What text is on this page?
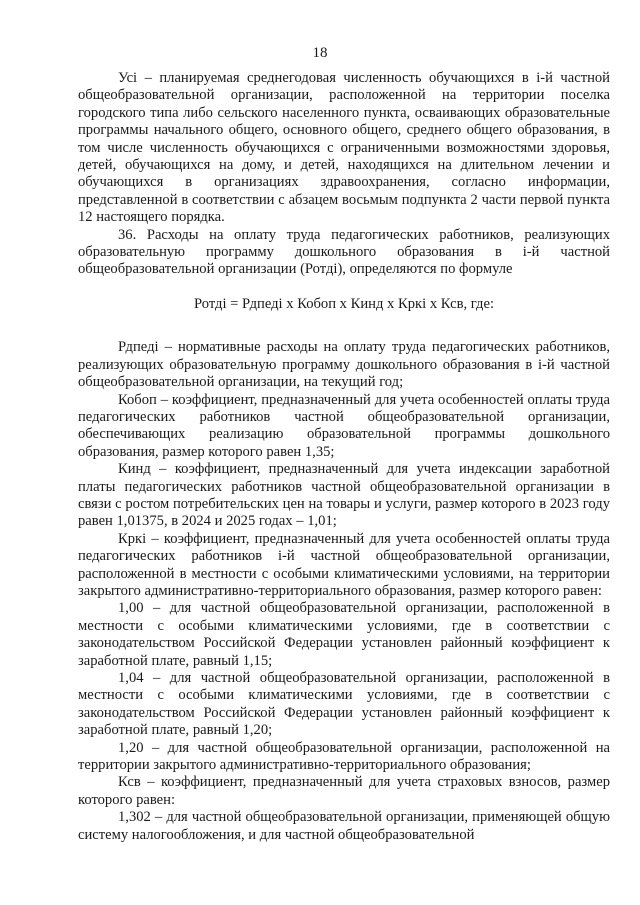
18

Усі – планируемая среднегодовая численность обучающихся в і-й частной общеобразовательной организации, расположенной на территории поселка городского типа либо сельского населенного пункта, осваивающих образовательные программы начального общего, основного общего, среднего общего образования, в том числе численность обучающихся с ограниченными возможностями здоровья, детей, обучающихся на дому, и детей, находящихся на длительном лечении и обучающихся в организациях здравоохранения, согласно информации, представленной в соответствии с абзацем восьмым подпункта 2 части первой пункта 12 настоящего порядка.

36. Расходы на оплату труда педагогических работников, реализующих образовательную программу дошкольного образования в і-й частной общеобразовательной организации (Ротдi), определяются по формуле

Ротдi = Рдпедi х Кобоп х Кинд х Кркi х Ксв, где:

Рдпедi – нормативные расходы на оплату труда педагогических работников, реализующих образовательную программу дошкольного образования в і-й частной общеобразовательной организации, на текущий год;

Кобоп – коэффициент, предназначенный для учета особенностей оплаты труда педагогических работников частной общеобразовательной организации, обеспечивающих реализацию образовательной программы дошкольного образования, размер которого равен 1,35;

Кинд – коэффициент, предназначенный для учета индексации заработной платы педагогических работников частной общеобразовательной организации в связи с ростом потребительских цен на товары и услуги, размер которого в 2023 году равен 1,01375, в 2024 и 2025 годах – 1,01;

Кркi – коэффициент, предназначенный для учета особенностей оплаты труда педагогических работников і-й частной общеобразовательной организации, расположенной в местности с особыми климатическими условиями, на территории закрытого административно-территориального образования, размер которого равен:

1,00 – для частной общеобразовательной организации, расположенной в местности с особыми климатическими условиями, где в соответствии с законодательством Российской Федерации установлен районный коэффициент к заработной плате, равный 1,15;

1,04 – для частной общеобразовательной организации, расположенной в местности с особыми климатическими условиями, где в соответствии с законодательством Российской Федерации установлен районный коэффициент к заработной плате, равный 1,20;

1,20 – для частной общеобразовательной организации, расположенной на территории закрытого административно-территориального образования;

Ксв – коэффициент, предназначенный для учета страховых взносов, размер которого равен:

1,302 – для частной общеобразовательной организации, применяющей общую систему налогообложения, и для частной общеобразовательной
